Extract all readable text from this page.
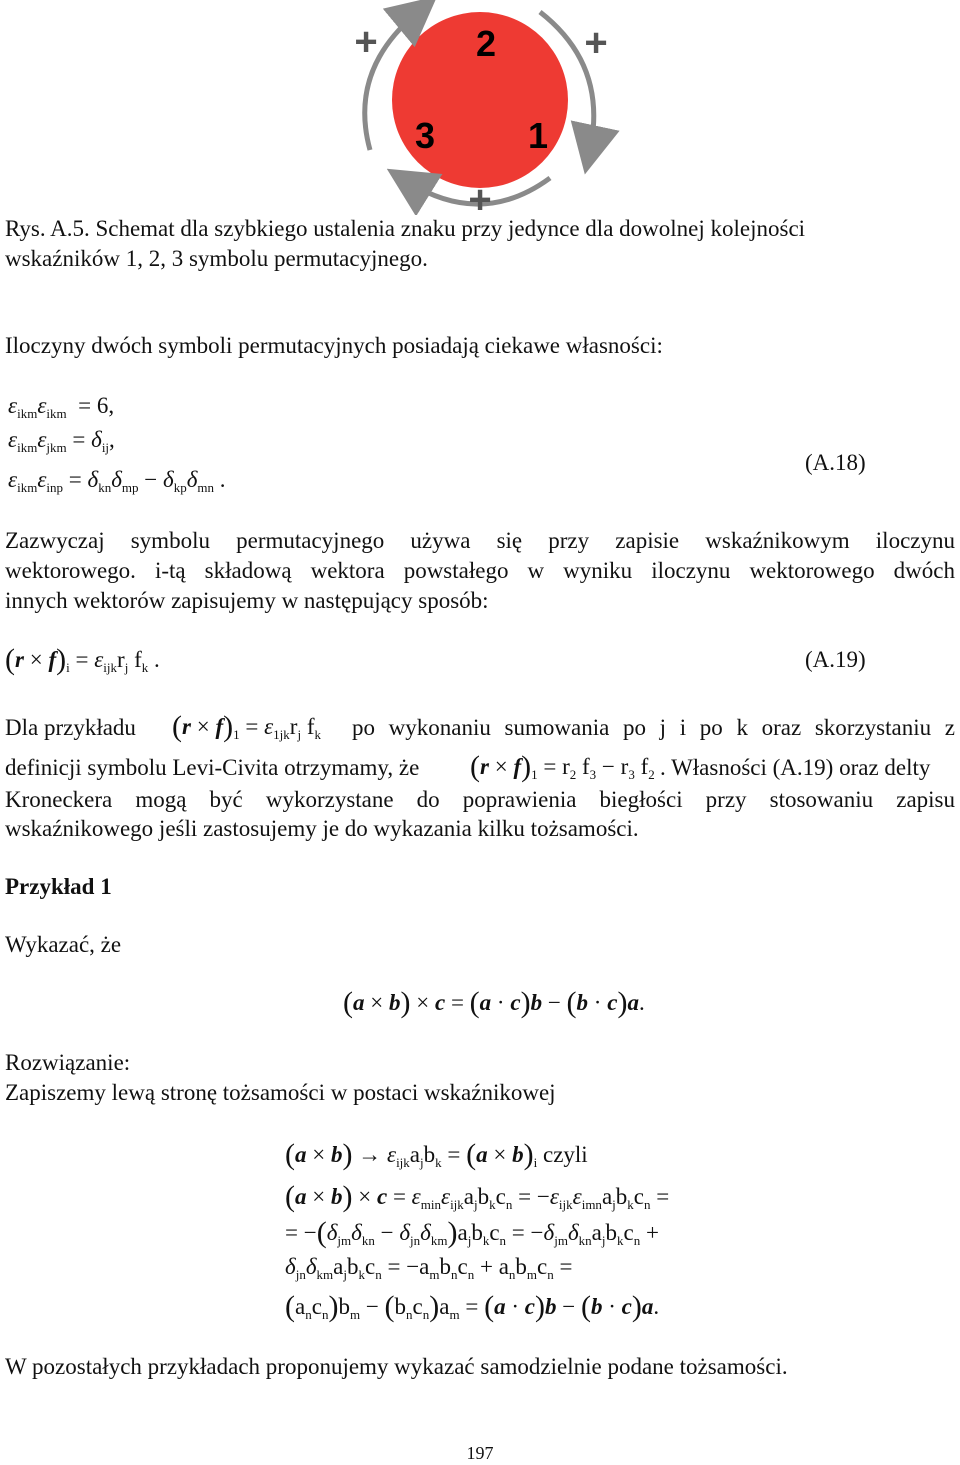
2
3	1
+	+
+
Rys. A.5. Schemat dla szybkiego ustalenia znaku przy jedynce dla dowolnej kolejności
wskaźników 1, 2, 3 symbolu permutacyjnego.
Iloczyny dwóch symboli permutacyjnych posiadają ciekawe własności:
$\varepsilon_{ikm}\varepsilon_{ikm} = 6$,
$\varepsilon_{ikm}\varepsilon_{jkm} = \delta_{ij}$,
$\varepsilon_{ikm}\varepsilon_{inp} = \delta_{kn}\delta_{mp} - \delta_{kp}\delta_{mn}$ .
(A.18)
Zazwyczaj symbolu permutacyjnego używa się przy zapisie wskaźnikowym iloczynu
wektorowego. i-tą składową wektora powstałego w wyniku iloczynu wektorowego dwóch
innych wektorów zapisujemy w następujący sposób:
$(r \times f)_i = \varepsilon_{ijk}r_j$ $f_k$ .	(A.19)
Dla przykładu $(r \times f)_1 = \varepsilon_{1jk}r_j$ $f_k$ po wykonaniu sumowania po j i po k oraz skorzystaniu z
definicji symbolu Levi-Civita otrzymamy, że $(r \times f)_1 = r_2$ $f_3 - r_3$ $f_2$ . Własności (A.19) oraz delty
Kroneckera mogą być wykorzystane do poprawienia biegłości przy stosowaniu zapisu
wskaźnikowego jeśli zastosujemy je do wykazania kilku tożsamości.
Przykład 1
Wykazać, że
(a × b) × c = (a · c)b − (b · c)a.
Rozwiązanie:
Zapiszemy lewą stronę tożsamości w postaci wskaźnikowej
$(a \times b) \to \varepsilon_{ijk}a_jb_k = (a \times b)_i$ czyli
$(a \times b) \times c = \varepsilon_{min}\varepsilon_{ijk}a_jb_kc_n = -\varepsilon_{ijk}\varepsilon_{imn}a_jb_kc_n$ =
= $-(\delta_{jm}\delta_{kn} - \delta_{jn}\delta_{km})a_jb_kc_n = -\delta_{jm}\delta_{kn}a_jb_kc_n$ +
$\delta_{jn}\delta_{km}a_jb_kc_n = -a_mb_nc_n + a_nb_mc_n$ =
$(a_nc_n)b_m - (b_nc_n)a_m = (a \cdot c)b - (b \cdot c)a$.
W pozostałych przykładach proponujemy wykazać samodzielnie podane tożsamości.
197
